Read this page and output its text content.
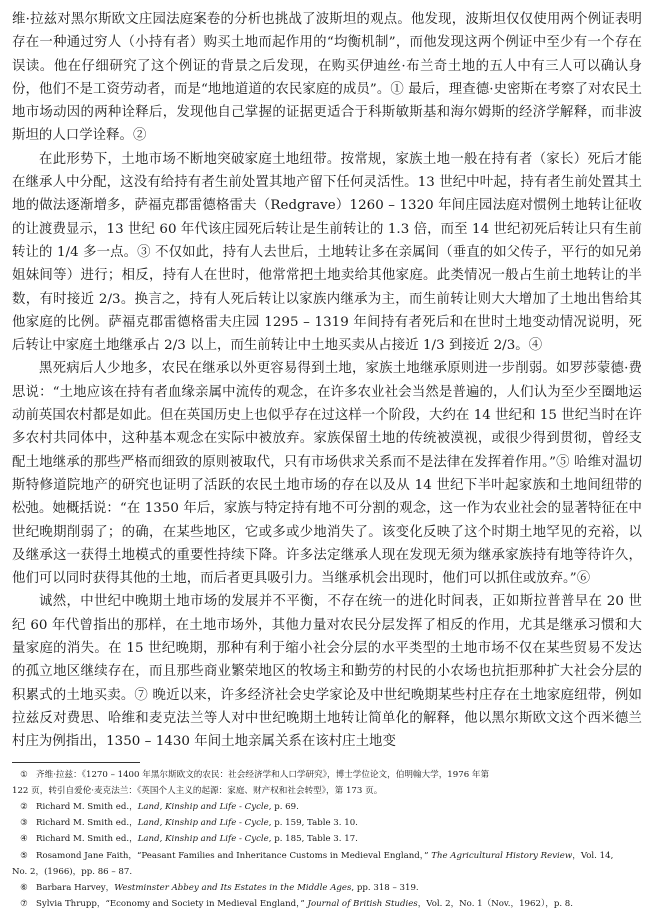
维·拉兹对黑尔斯欧文庄园法庭案卷的分析也挑战了波斯坦的观点。他发现，波斯坦仅仅使用两个例证表明存在一种通过穷人（小持有者）购买土地而起作用的“均衡机制”，而他发现这两个例证中至少有一个存在误读。他在仔细研究了这个例证的背景之后发现，在购买伊迪丝·布兰奇土地的五人中有三人可以确认身份，他们不是工资劳动者，而是“地地道道的农民家庭的成员”。① 最后，理查德·史密斯在考察了对农民土地市场动因的两种诠释后，发现他自己掌握的证据更适合于科斯敏斯基和海尔姆斯的经济学解释，而非波斯坦的人口学诠释。②

在此形势下，土地市场不断地突破家庭土地纽带。按常规，家族土地一般在持有者（家长）死后才能在继承人中分配，这没有给持有者生前处置其地产留下任何灵活性。13 世纪中叶起，持有者生前处置其土地的做法逐渐增多，萨福克郡雷德格雷夫（Redgrave）1260 – 1320 年间庄园法庭对惯例土地转让征收的让渡费显示，13 世纪 60 年代该庄园死后转让是生前转让的 1.3 倍，而至 14 世纪初死后转让只有生前转让的 1/4 多一点。③ 不仅如此，持有人去世后，土地转让多在亲属间（垂直的如父传子，平行的如兄弟姐妹间等）进行；相反，持有人在世时，他常常把土地卖给其他家庭。此类情况一般占生前土地转让的半数，有时接近 2/3。换言之，持有人死后转让以家族内继承为主，而生前转让则大大增加了土地出售给其他家庭的比例。萨福克郡雷德格雷夫庄园 1295 – 1319 年间持有者死后和在世时土地变动情况说明，死后转让中家庭土地继承占 2/3 以上，而生前转让中土地买卖从占接近 1/3 到接近 2/3。④

黑死病后人少地多，农民在继承以外更容易得到土地，家族土地继承原则进一步削弱。如罗莎蒙德·费思说：“土地应该在持有者血缘亲属中流传的观念，在许多农业社会当然是普遍的，人们认为至少至圈地运动前英国农村都是如此。但在英国历史上也似乎存在过这样一个阶段，大约在 14 世纪和 15 世纪当时在许多农村共同体中，这种基本观念在实际中被放弃。家族保留土地的传统被漠视，或很少得到贯彻，曾经支配土地继承的那些严格而细致的原则被取代，只有市场供求关系而不是法律在发挥着作用。”⑤ 哈维对温切斯特修道院地产的研究也证明了活跃的农民土地市场的存在以及从 14 世纪下半叶起家族和土地间纽带的松弛。她概括说：“在 1350 年后，家族与特定持有地不可分割的观念，这一作为农业社会的显著特征在中世纪晚期削弱了；的确，在某些地区，它或多或少地消失了。该变化反映了这个时期土地罕见的充裕，以及继承这一获得土地模式的重要性持续下降。许多法定继承人现在发现无须为继承家族持有地等待许久，他们可以同时获得其他的土地，而后者更具吸引力。当继承机会出现时，他们可以抓住或放弃。”⑥

诚然，中世纪中晚期土地市场的发展并不平衡，不存在统一的进化时间表，正如斯拉普普早在 20 世纪 60 年代曾指出的那样，在土地市场外，其他力量对农民分层发挥了相反的作用，尤其是继承习惯和大量家庭的消失。在 15 世纪晚期，那种有利于缩小社会分层的水平类型的土地市场不仅在某些贸易不发达的孤立地区继续存在，而且那些商业繁荣地区的牧场主和勤劳的村民的小农场也抗拒那种扩大社会分层的积累式的土地买卖。⑦ 晚近以来，许多经济社会史学家论及中世纪晚期某些村庄存在土地家庭纽带，例如拉兹反对费思、哈维和麦克法兰等人对中世纪晚期土地转让简单化的解释，他以黑尔斯欧文这个西米德兰村庄为例指出，1350 – 1430 年间土地亲属关系在该村庄土地变

① 齐维·拉兹：《1270 – 1400 年黑尔斯欧文的农民：社会经济学和人口学研究》，博士学位论文，伯明翰大学，1976 年第
122 页，转引自爱伦·麦克法兰：《英国个人主义的起源：家庭、财产权和社会转型》，第 173 页。
② Richard M. Smith ed.，Land, Kinship and Life - Cycle, p. 69.
③ Richard M. Smith ed.，Land, Kinship and Life - Cycle, p. 159, Table 3. 10.
④ Richard M. Smith ed.，Land, Kinship and Life - Cycle, p. 185, Table 3. 17.
⑤ Rosamond Jane Faith，“Peasant Families and Inheritance Customs in Medieval England，” The Agricultural History Review，Vol. 14,
No. 2，(1966)，pp. 86 – 87.
⑥ Barbara Harvey，Westminster Abbey and Its Estates in the Middle Ages, pp. 318 – 319.
⑦ Sylvia Thrupp，“Economy and Society in Medieval England，” Journal of British Studies，Vol. 2，No. 1（Nov.，1962），p. 8.
